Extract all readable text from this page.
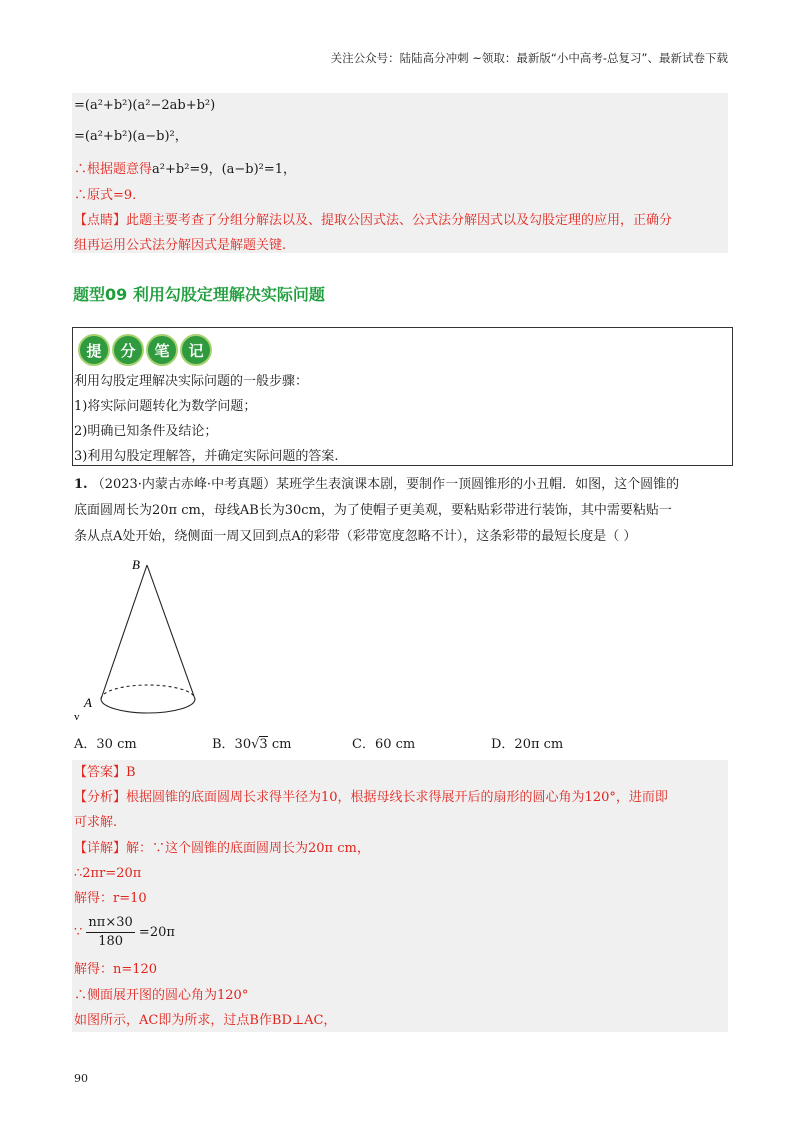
关注公众号：陆陆高分冲刺 ~领取：最新版“小中高考-总复习”、最新试卷下载
=(a²+b²)(a²−2ab+b²)
=(a²+b²)(a−b)²，
∴根据题意得a²+b²=9，(a−b)²=1，
∴原式=9.
【点睛】此题主要考查了分组分解法以及、提取公因式法、公式法分解因式以及勾股定理的应用，正确分
组再运用公式法分解因式是解题关键.
题型09 利用勾股定理解决实际问题
提	分	笔	记
利用勾股定理解决实际问题的一般步骤：
1)将实际问题转化为数学问题；
2)明确已知条件及结论；
3)利用勾股定理解答，并确定实际问题的答案.
1. （2023·内蒙古赤峰·中考真题）某班学生表演课本剧，要制作一顶圆锥形的小丑帽．如图，这个圆锥的
底面圆周长为20π cm，母线AB长为30cm，为了使帽子更美观，要粘贴彩带进行装饰，其中需要粘贴一
条从点A处开始，绕侧面一周又回到点A的彩带（彩带宽度忽略不计），这条彩带的最短长度是（ ）
B
A
v
A．30 cm	B．30√3 cm	C．60 cm	D．20π cm
【答案】B
【分析】根据圆锥的底面圆周长求得半径为10，根据母线长求得展开后的扇形的圆心角为120°，进而即
可求解.
【详解】解：∵这个圆锥的底面圆周长为20π cm，
∴2πr=20π
解得：r=10
∵ $\frac{n\pi\times 30}{180} =20\pi$
解得：n=120
∴侧面展开图的圆心角为120°
如图所示，AC即为所求，过点B作BD⊥AC，
90
